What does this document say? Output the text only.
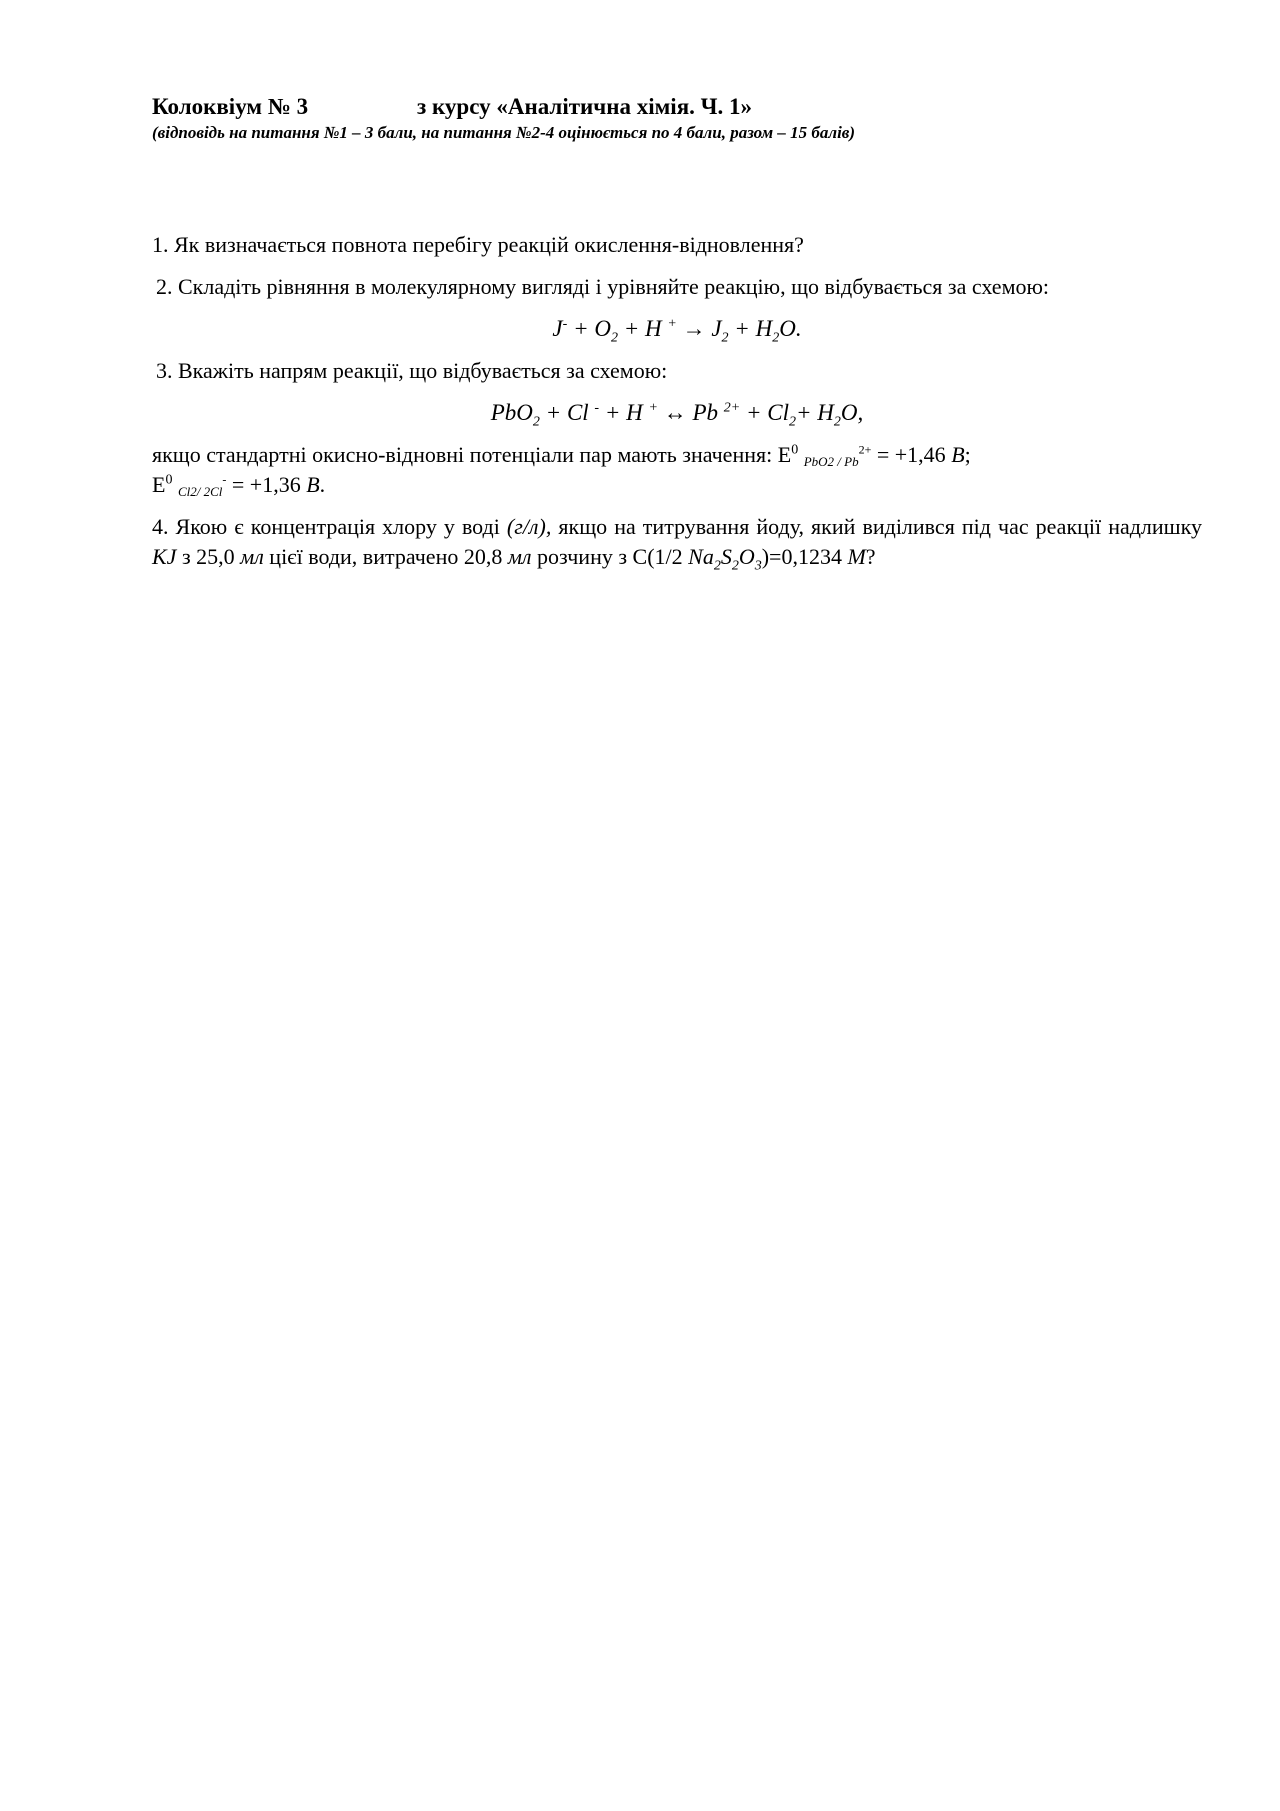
Колоквіум № 3	з курсу «Аналітична хімія. Ч. 1»
(відповідь на питання №1 – 3 бали, на питання №2-4 оцінюється по 4 бали, разом – 15 балів)
1. Як визначається повнота перебігу реакцій окислення-відновлення?
2. Складіть рівняння в молекулярному вигляді і урівняйте реакцію, що відбувається за схемою:
$J^- + O_2 + H$ $^+ \to J_2 + H_2O$.
3. Вкажіть напрям реакції, що відбувається за схемою:
PbO$_2$ + Cl - + H + ↔ Pb $^{2+} + Cl_2+ H_2O$,
якщо стандартні окисно-відновні потенціали пар мають значення: $E^0$ $_{PbO2 / Pb}^{2+}$ = +1,46 В;
$E^0$ $_{Cl2/ 2Cl}$- = +1,36 В.
4. Якою є концентрація хлору у воді (г/л), якщо на титрування йоду, який виділився під час реакції надлишку KJ з 25,0 мл цієї води, витрачено 20,8 мл розчину з С(1/2 $Na_2S_2O_3)=0,1234$ М?
